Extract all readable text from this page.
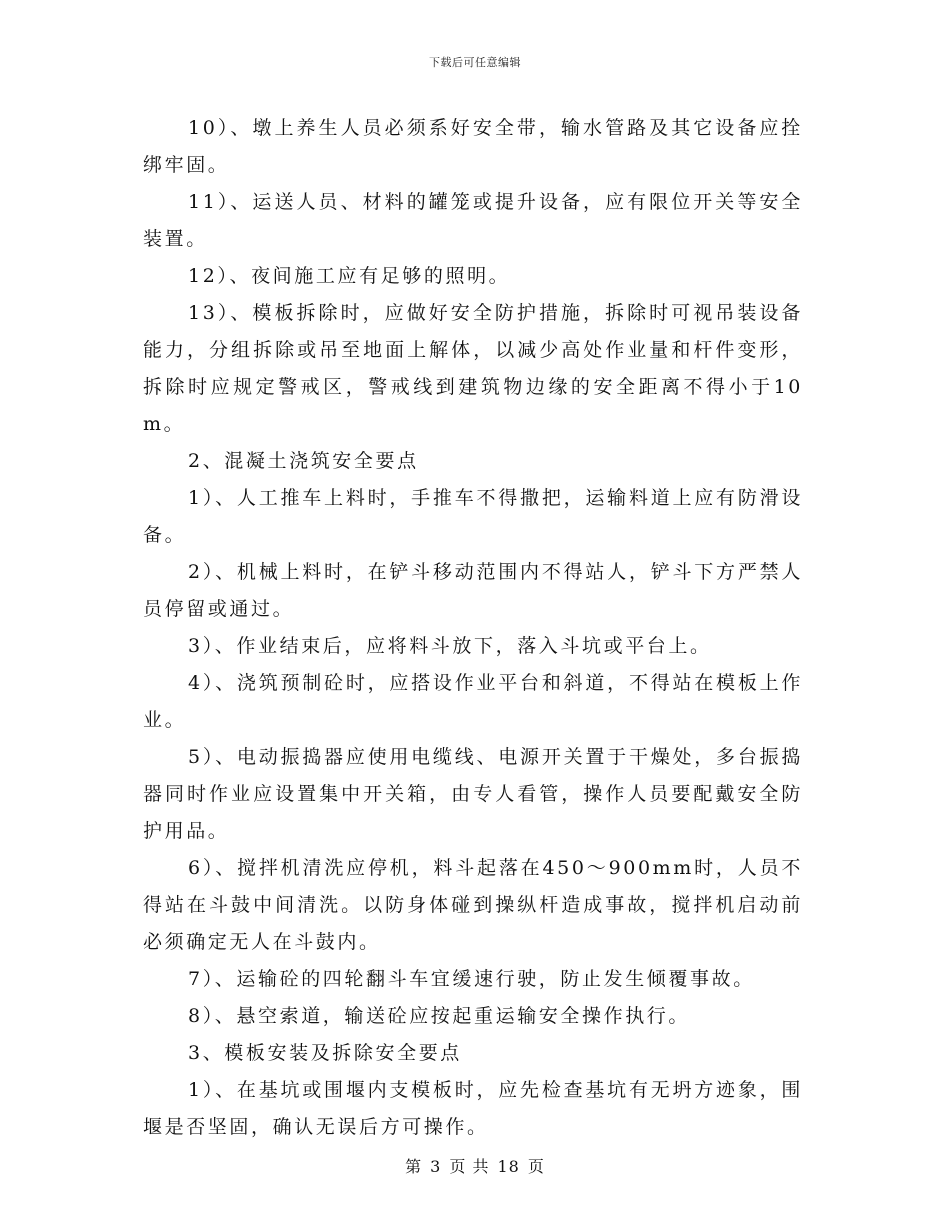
下载后可任意编辑

10）、墩上养生人员必须系好安全带，输水管路及其它设备应拴绑牢固。

11）、运送人员、材料的罐笼或提升设备，应有限位开关等安全装置。

12）、夜间施工应有足够的照明。

13）、模板拆除时，应做好安全防护措施，拆除时可视吊装设备能力，分组拆除或吊至地面上解体，以减少高处作业量和杆件变形，拆除时应规定警戒区，警戒线到建筑物边缘的安全距离不得小于10m。

2、混凝土浇筑安全要点

1）、人工推车上料时，手推车不得撒把，运输料道上应有防滑设备。

2）、机械上料时，在铲斗移动范围内不得站人，铲斗下方严禁人员停留或通过。

3）、作业结束后，应将料斗放下，落入斗坑或平台上。

4）、浇筑预制砼时，应搭设作业平台和斜道，不得站在模板上作业。

5）、电动振捣器应使用电缆线、电源开关置于干燥处，多台振捣器同时作业应设置集中开关箱，由专人看管，操作人员要配戴安全防护用品。

6）、搅拌机清洗应停机，料斗起落在450～900mm时，人员不得站在斗鼓中间清洗。以防身体碰到操纵杆造成事故，搅拌机启动前必须确定无人在斗鼓内。

7）、运输砼的四轮翻斗车宜缓速行驶，防止发生倾覆事故。

8）、悬空索道，输送砼应按起重运输安全操作执行。

3、模板安装及拆除安全要点

1）、在基坑或围堰内支模板时，应先检查基坑有无坍方迹象，围堰是否坚固，确认无误后方可操作。

第 3 页 共 18 页
